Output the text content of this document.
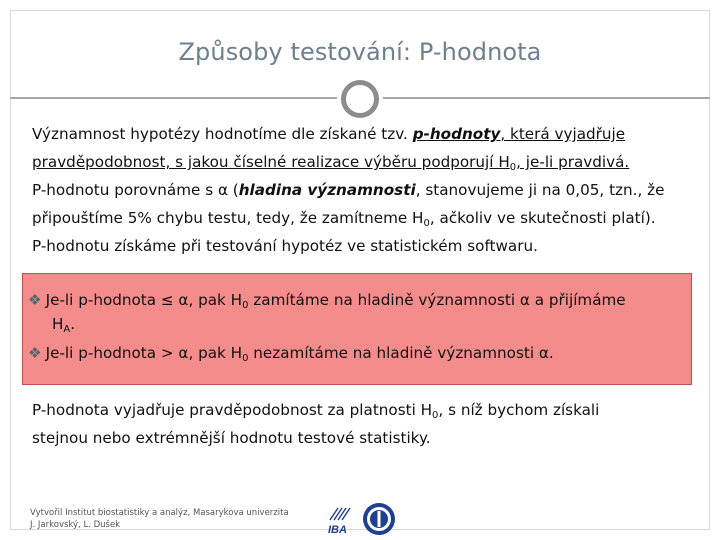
Způsoby testování: P-hodnota
Významnost hypotézy hodnotíme dle získané tzv. p-hodnoty, která vyjadřuje
pravděpodobnost, s jakou číselné realizace výběru podporují $H_0$, je-li pravdivá.
P-hodnotu porovnáme s α (hladina významnosti, stanovujeme ji na 0,05, tzn., že
připouštíme 5% chybu testu, tedy, že zamítneme $H_0$, ačkoliv ve skutečnosti platí).
P-hodnotu získáme při testování hypotéz ve statistickém softwaru.
❖ Je-li p-hodnota ≤ α, pak $H_0$ zamítáme na hladině významnosti α a přijímáme
$H_A$.
❖ Je-li p-hodnota > α, pak $H_0$ nezamítáme na hladině významnosti α.
P-hodnota vyjadřuje pravděpodobnost za platnosti $H_0$, s níž bychom získali
stejnou nebo extrémnější hodnotu testové statistiky.
Vytvořil Institut biostatistiky a analýz, Masarykova univerzita
J. Jarkovský, L. Dušek	IBA
